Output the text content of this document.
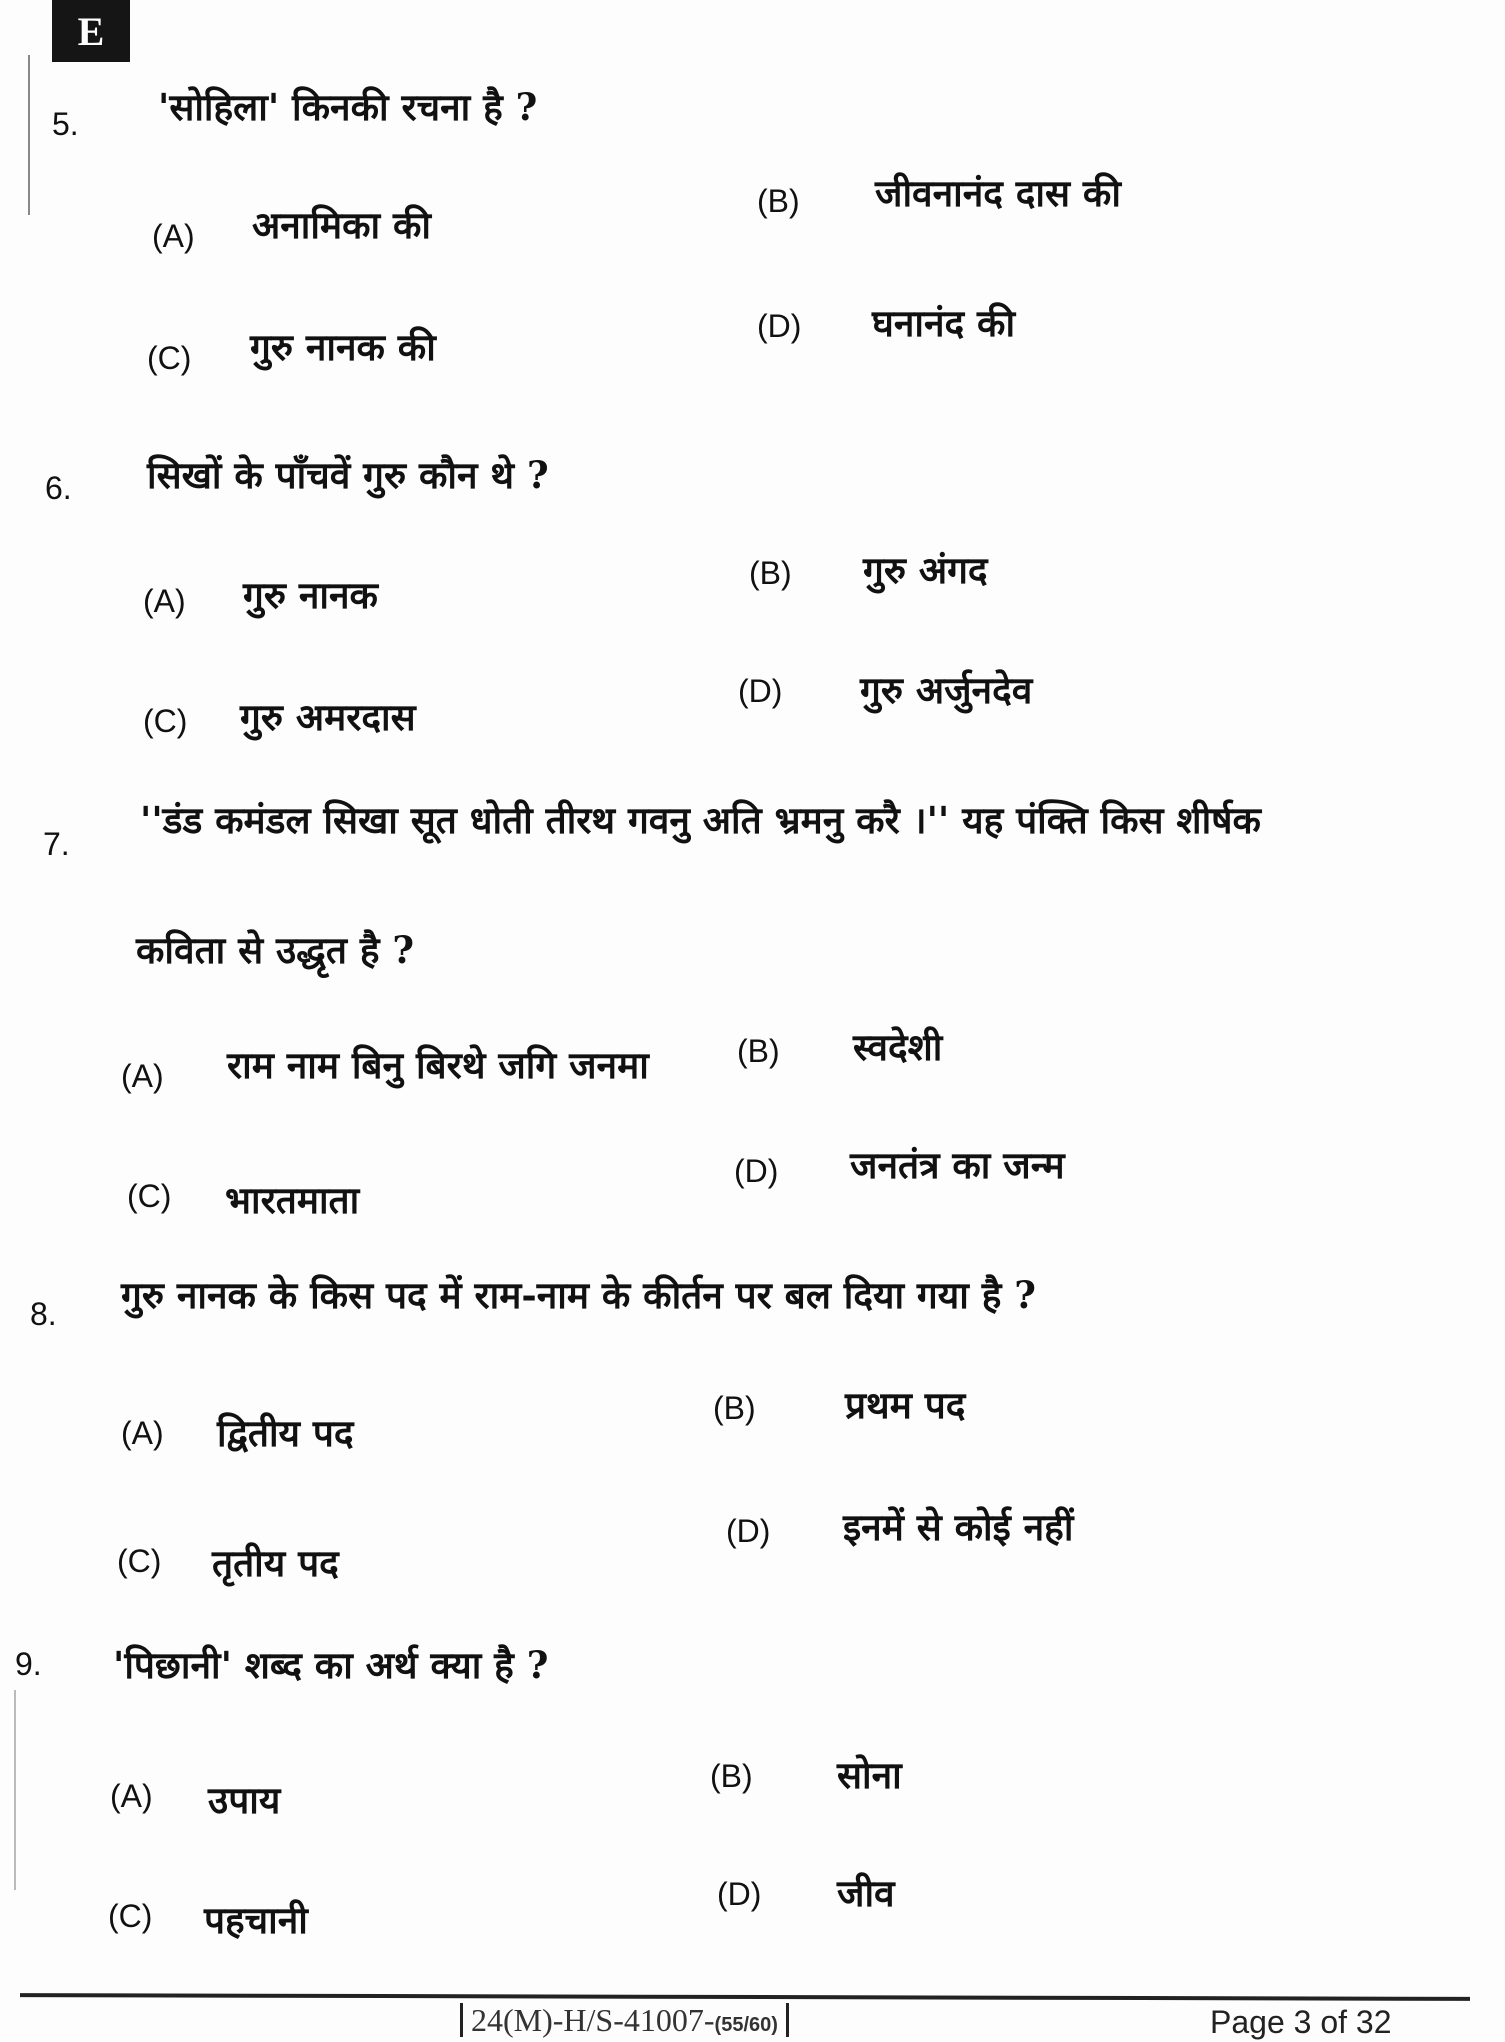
E
5. 'सोहिला' किनकी रचना है ?
(A) अनामिका की
(B) जीवनानंद दास की
(C) गुरु नानक की	(D) घनानंद की
6. सिखों के पाँचवें गुरु कौन थे ?
(A) गुरु नानक	(B) गुरु अंगद
(C) गुरु अमरदास
(D) गुरु अर्जुनदेव
7.
''डंड कमंडल सिखा सूत धोती तीरथ गवनु अति भ्रमनु करै ।'' यह पंक्ति किस शीर्षक
कविता से उद्धृत है ?
(A) राम नाम बिनु बिरथे जगि जनमा	(B) स्वदेशी
(C) भारतमाता
(D) जनतंत्र का जन्म
8. गुरु नानक के किस पद में राम-नाम के कीर्तन पर बल दिया गया है ?
(A) द्वितीय पद
(B) प्रथम पद
(C) तृतीय पद
(D) इनमें से कोई नहीं
9. 'पिछानी' शब्द का अर्थ क्या है ?
(A) उपाय
(B) सोना
(C) पहचानी
(D) जीव
24(M)-H/S-41007-(55/60)	Page 3 of 32
